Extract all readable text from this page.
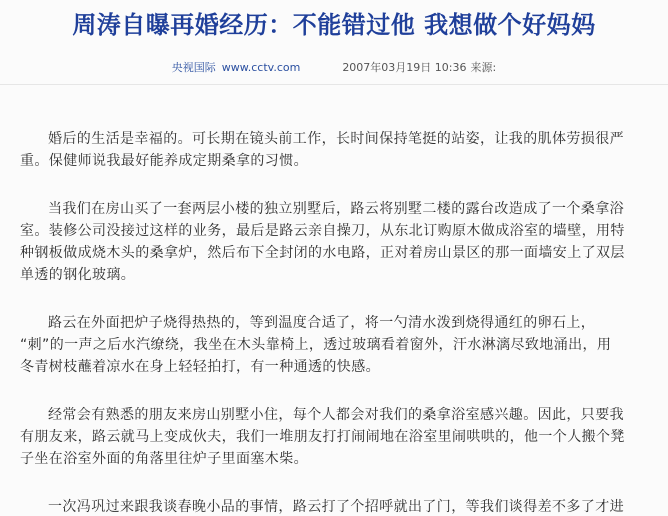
周涛自曝再婚经历：不能错过他 我想做个好妈妈
央视国际 www.cctv.com	2007年03月19日 10:36 来源:
婚后的生活是幸福的。可长期在镜头前工作，长时间保持笔挺的站姿，让我的肌体劳损很严
重。保健师说我最好能养成定期桑拿的习惯。
当我们在房山买了一套两层小楼的独立别墅后，路云将别墅二楼的露台改造成了一个桑拿浴
室。装修公司没接过这样的业务，最后是路云亲自操刀，从东北订购原木做成浴室的墙壁，用特
种钢板做成烧木头的桑拿炉，然后布下全封闭的水电路，正对着房山景区的那一面墙安上了双层
单透的钢化玻璃。
路云在外面把炉子烧得热热的，等到温度合适了，将一勺清水泼到烧得通红的卵石上，
“刺”的一声之后水汽缭绕，我坐在木头靠椅上，透过玻璃看着窗外，汗水淋漓尽致地涌出，用
冬青树枝蘸着凉水在身上轻轻拍打，有一种通透的快感。
经常会有熟悉的朋友来房山别墅小住，每个人都会对我们的桑拿浴室感兴趣。因此，只要我
有朋友来，路云就马上变成伙夫，我们一堆朋友打打闹闹地在浴室里闹哄哄的，他一个人搬个凳
子坐在浴室外面的角落里往炉子里面塞木柴。
一次冯巩过来跟我谈春晚小品的事情，路云打了个招呼就出了门，等我们谈得差不多了才进
